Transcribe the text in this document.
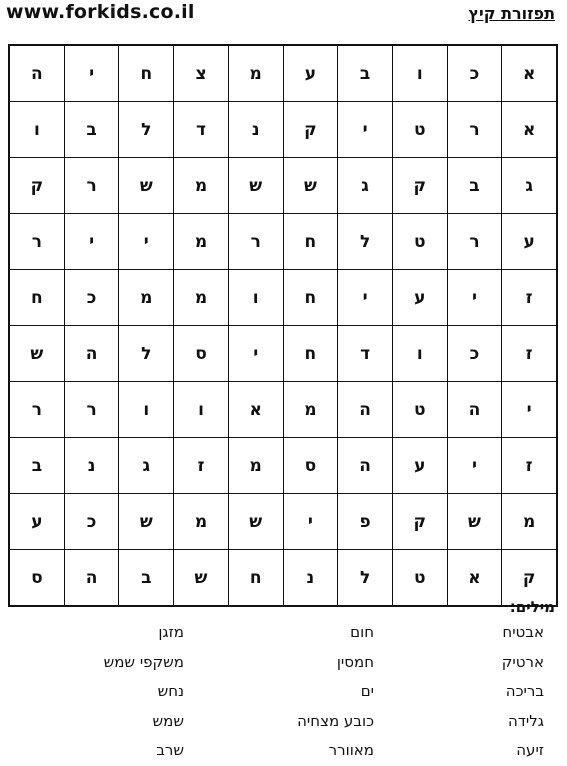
www.forkids.co.il	תפזורת קיץ
א	כ	ו	ב	ע	מ	צ	ח	י	ה
א	ר	ט	י	ק	נ	ד	ל	ב	ו
ג	ב	ק	ג	ש	ש	מ	ש	ר	ק
ע	ר	ט	ל	ח	ר	מ	י	י	ר
ז	י	ע	י	ח	ו	מ	מ	כ	ח
ז	כ	ו	ד	ח	י	ס	ל	ה	ש
י	ה	ט	ה	מ	א	ו	ו	ר	ר
ז	י	ע	ה	ס	מ	ז	ג	נ	ב
מ	ש	ק	פ	י	ש	מ	ש	כ	ע
ק	א	ט	ל	נ	ח	ש	ב	ה	ס
מילים:
אבטיח
ארטיק
בריכה
גלידה
זיעה
חום
חמסין
ים
כובע מצחיה
מאוורר
מזגן
משקפי שמש
נחש
שמש
שרב
